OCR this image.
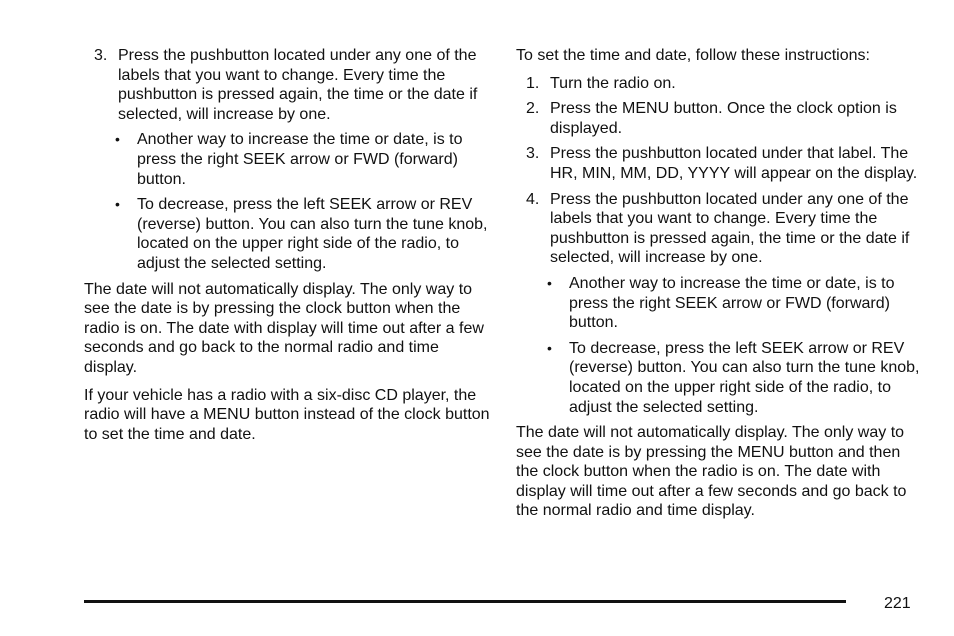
3. Press the pushbutton located under any one of the labels that you want to change. Every time the pushbutton is pressed again, the time or the date if selected, will increase by one.
•	Another way to increase the time or date, is to press the right SEEK arrow or FWD (forward) button.
•	To decrease, press the left SEEK arrow or REV (reverse) button. You can also turn the tune knob, located on the upper right side of the radio, to adjust the selected setting.

The date will not automatically display. The only way to see the date is by pressing the clock button when the radio is on. The date with display will time out after a few seconds and go back to the normal radio and time display.

If your vehicle has a radio with a six-disc CD player, the radio will have a MENU button instead of the clock button to set the time and date.

To set the time and date, follow these instructions:

1. Turn the radio on.
2. Press the MENU button. Once the clock option is displayed.
3. Press the pushbutton located under that label. The HR, MIN, MM, DD, YYYY will appear on the display.
4. Press the pushbutton located under any one of the labels that you want to change. Every time the pushbutton is pressed again, the time or the date if selected, will increase by one.
•	Another way to increase the time or date, is to press the right SEEK arrow or FWD (forward) button.
•	To decrease, press the left SEEK arrow or REV (reverse) button. You can also turn the tune knob, located on the upper right side of the radio, to adjust the selected setting.

The date will not automatically display. The only way to see the date is by pressing the MENU button and then the clock button when the radio is on. The date with display will time out after a few seconds and go back to the normal radio and time display.

221
